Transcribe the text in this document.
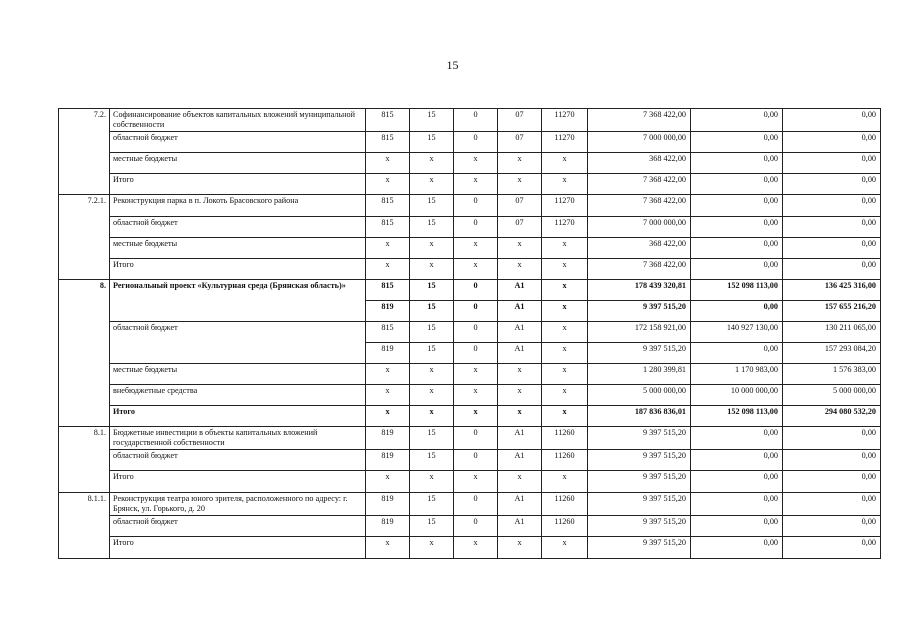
15
7.2.	Софинансирование объектов капитальных вложений муниципальной собственности	815	15	0	07	11270	7 368 422,00	0,00	0,00
	областной бюджет	815	15	0	07	11270	7 000 000,00	0,00	0,00
	местные бюджеты	х	х	х	х	х	368 422,00	0,00	0,00
	Итого	х	х	х	х	х	7 368 422,00	0,00	0,00
7.2.1.	Реконструкция парка в п. Локоть Брасовского района	815	15	0	07	11270	7 368 422,00	0,00	0,00
	областной бюджет	815	15	0	07	11270	7 000 000,00	0,00	0,00
	местные бюджеты	х	х	х	х	х	368 422,00	0,00	0,00
	Итого	х	х	х	х	х	7 368 422,00	0,00	0,00
8.	Региональный проект «Культурная среда (Брянская область)»	815	15	0	А1	х	178 439 320,81	152 098 113,00	136 425 316,00
		819	15	0	А1	х	9 397 515,20	0,00	157 655 216,20
	областной бюджет	815	15	0	А1	х	172 158 921,00	140 927 130,00	130 211 065,00
		819	15	0	А1	х	9 397 515,20	0,00	157 293 084,20
	местные бюджеты	х	х	х	х	х	1 280 399,81	1 170 983,00	1 576 383,00
	внебюджетные средства	х	х	х	х	х	5 000 000,00	10 000 000,00	5 000 000,00
	Итого	х	х	х	х	х	187 836 836,01	152 098 113,00	294 080 532,20
8.1.	Бюджетные инвестиции в объекты капитальных вложений государственной собственности	819	15	0	А1	11260	9 397 515,20	0,00	0,00
	областной бюджет	819	15	0	А1	11260	9 397 515,20	0,00	0,00
	Итого	х	х	х	х	х	9 397 515,20	0,00	0,00
8.1.1.	Реконструкция театра юного зрителя, расположенного по адресу: г. Брянск, ул. Горького, д. 20	819	15	0	А1	11260	9 397 515,20	0,00	0,00
	областной бюджет	819	15	0	А1	11260	9 397 515,20	0,00	0,00
	Итого	х	х	х	х	х	9 397 515,20	0,00	0,00
